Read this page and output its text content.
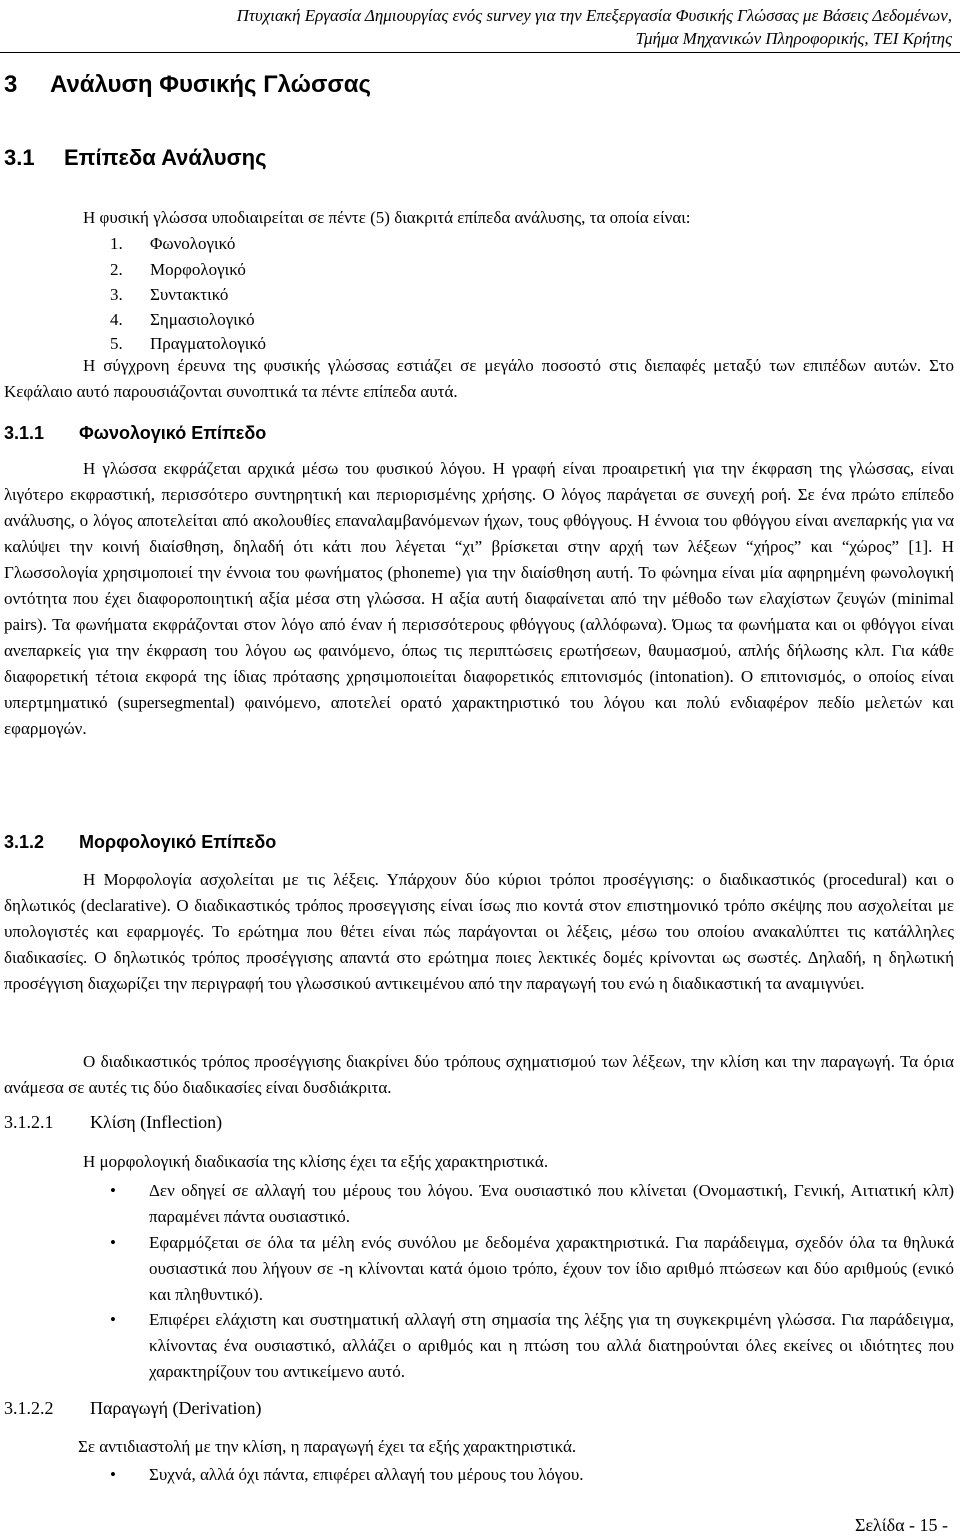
Πτυχιακή Εργασία Δημιουργίας ενός survey για την Επεξεργασία Φυσικής Γλώσσας με Βάσεις Δεδομένων,
Τμήμα Μηχανικών Πληροφορικής, ΤΕΙ Κρήτης
3 Ανάλυση Φυσικής Γλώσσας
3.1 Επίπεδα Ανάλυσης
Η φυσική γλώσσα υποδιαιρείται σε πέντε (5) διακριτά επίπεδα ανάλυσης, τα οποία είναι:
1. Φωνολογικό
2. Μορφολογικό
3. Συντακτικό
4. Σημασιολογικό
5. Πραγματολογικό
Η σύγχρονη έρευνα της φυσικής γλώσσας εστιάζει σε μεγάλο ποσοστό στις διεπαφές μεταξύ των επιπέδων αυτών. Στο Κεφάλαιο αυτό παρουσιάζονται συνοπτικά τα πέντε επίπεδα αυτά.
3.1.1 Φωνολογικό Επίπεδο
Η γλώσσα εκφράζεται αρχικά μέσω του φυσικού λόγου. Η γραφή είναι προαιρετική για την έκφραση της γλώσσας, είναι λιγότερο εκφραστική, περισσότερο συντηρητική και περιορισμένης χρήσης. Ο λόγος παράγεται σε συνεχή ροή. Σε ένα πρώτο επίπεδο ανάλυσης, ο λόγος αποτελείται από ακολουθίες επαναλαμβανόμενων ήχων, τους φθόγγους. Η έννοια του φθόγγου είναι ανεπαρκής για να καλύψει την κοινή διαίσθηση, δηλαδή ότι κάτι που λέγεται “χι” βρίσκεται στην αρχή των λέξεων “χήρος” και “χώρος” [1]. Η Γλωσσολογία χρησιμοποιεί την έννοια του φωνήματος (phoneme) για την διαίσθηση αυτή. Το φώνημα είναι μία αφηρημένη φωνολογική οντότητα που έχει διαφοροποιητική αξία μέσα στη γλώσσα. Η αξία αυτή διαφαίνεται από την μέθοδο των ελαχίστων ζευγών (minimal pairs). Τα φωνήματα εκφράζονται στον λόγο από έναν ή περισσότερους φθόγγους (αλλόφωνα). Όμως τα φωνήματα και οι φθόγγοι είναι ανεπαρκείς για την έκφραση του λόγου ως φαινόμενο, όπως τις περιπτώσεις ερωτήσεων, θαυμασμού, απλής δήλωσης κλπ. Για κάθε διαφορετική τέτοια εκφορά της ίδιας πρότασης χρησιμοποιείται διαφορετικός επιτονισμός (intonation). Ο επιτονισμός, ο οποίος είναι υπερτμηματικό (supersegmental) φαινόμενο, αποτελεί ορατό χαρακτηριστικό του λόγου και πολύ ενδιαφέρον πεδίο μελετών και εφαρμογών.
3.1.2 Μορφολογικό Επίπεδο
Η Μορφολογία ασχολείται με τις λέξεις. Υπάρχουν δύο κύριοι τρόποι προσέγγισης: ο διαδικαστικός (procedural) και ο δηλωτικός (declarative). Ο διαδικαστικός τρόπος προσεγγισης είναι ίσως πιο κοντά στον επιστημονικό τρόπο σκέψης που ασχολείται με υπολογιστές και εφαρμογές. Το ερώτημα που θέτει είναι πώς παράγονται οι λέξεις, μέσω του οποίου ανακαλύπτει τις κατάλληλες διαδικασίες. Ο δηλωτικός τρόπος προσέγγισης απαντά στο ερώτημα ποιες λεκτικές δομές κρίνονται ως σωστές. Δηλαδή, η δηλωτική προσέγγιση διαχωρίζει την περιγραφή του γλωσσικού αντικειμένου από την παραγωγή του ενώ η διαδικαστική τα αναμιγνύει.
Ο διαδικαστικός τρόπος προσέγγισης διακρίνει δύο τρόπους σχηματισμού των λέξεων, την κλίση και την παραγωγή. Τα όρια ανάμεσα σε αυτές τις δύο διαδικασίες είναι δυσδιάκριτα.
3.1.2.1 Κλίση (Inflection)
Η μορφολογική διαδικασία της κλίσης έχει τα εξής χαρακτηριστικά.
• Δεν οδηγεί σε αλλαγή του μέρους του λόγου. Ένα ουσιαστικό που κλίνεται (Ονομαστική, Γενική, Αιτιατική κλπ) παραμένει πάντα ουσιαστικό.
• Εφαρμόζεται σε όλα τα μέλη ενός συνόλου με δεδομένα χαρακτηριστικά. Για παράδειγμα, σχεδόν όλα τα θηλυκά ουσιαστικά που λήγουν σε -η κλίνονται κατά όμοιο τρόπο, έχουν τον ίδιο αριθμό πτώσεων και δύο αριθμούς (ενικό και πληθυντικό).
• Επιφέρει ελάχιστη και συστηματική αλλαγή στη σημασία της λέξης για τη συγκεκριμένη γλώσσα. Για παράδειγμα, κλίνοντας ένα ουσιαστικό, αλλάζει ο αριθμός και η πτώση του αλλά διατηρούνται όλες εκείνες οι ιδιότητες που χαρακτηρίζουν του αντικείμενο αυτό.
3.1.2.2 Παραγωγή (Derivation)
Σε αντιδιαστολή με την κλίση, η παραγωγή έχει τα εξής χαρακτηριστικά.
• Συχνά, αλλά όχι πάντα, επιφέρει αλλαγή του μέρους του λόγου.
Σελίδα - 15 -
